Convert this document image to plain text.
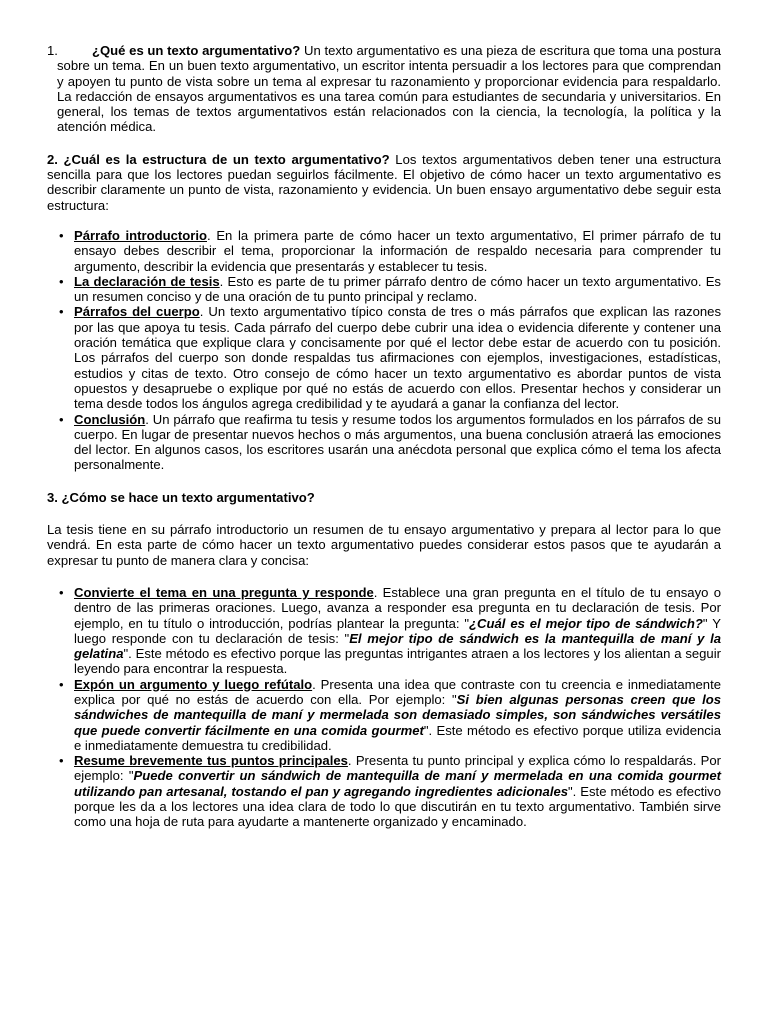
1.	¿Qué es un texto argumentativo? Un texto argumentativo es una pieza de escritura que toma una postura sobre un tema. En un buen texto argumentativo, un escritor intenta persuadir a los lectores para que comprendan y apoyen tu punto de vista sobre un tema al expresar tu razonamiento y proporcionar evidencia para respaldarlo. La redacción de ensayos argumentativos es una tarea común para estudiantes de secundaria y universitarios. En general, los temas de textos argumentativos están relacionados con la ciencia, la tecnología, la política y la atención médica.

2. ¿Cuál es la estructura de un texto argumentativo? Los textos argumentativos deben tener una estructura sencilla para que los lectores puedan seguirlos fácilmente. El objetivo de cómo hacer un texto argumentativo es describir claramente un punto de vista, razonamiento y evidencia. Un buen ensayo argumentativo debe seguir esta estructura:

• Párrafo introductorio. En la primera parte de cómo hacer un texto argumentativo, El primer párrafo de tu ensayo debes describir el tema, proporcionar la información de respaldo necesaria para comprender tu argumento, describir la evidencia que presentarás y establecer tu tesis.
• La declaración de tesis. Esto es parte de tu primer párrafo dentro de cómo hacer un texto argumentativo. Es un resumen conciso y de una oración de tu punto principal y reclamo.
• Párrafos del cuerpo. Un texto argumentativo típico consta de tres o más párrafos que explican las razones por las que apoya tu tesis. Cada párrafo del cuerpo debe cubrir una idea o evidencia diferente y contener una oración temática que explique clara y concisamente por qué el lector debe estar de acuerdo con tu posición. Los párrafos del cuerpo son donde respaldas tus afirmaciones con ejemplos, investigaciones, estadísticas, estudios y citas de texto. Otro consejo de cómo hacer un texto argumentativo es abordar puntos de vista opuestos y desapruebe o explique por qué no estás de acuerdo con ellos. Presentar hechos y considerar un tema desde todos los ángulos agrega credibilidad y te ayudará a ganar la confianza del lector.
• Conclusión. Un párrafo que reafirma tu tesis y resume todos los argumentos formulados en los párrafos de su cuerpo. En lugar de presentar nuevos hechos o más argumentos, una buena conclusión atraerá las emociones del lector. En algunos casos, los escritores usarán una anécdota personal que explica cómo el tema los afecta personalmente.

3. ¿Cómo se hace un texto argumentativo?

La tesis tiene en su párrafo introductorio un resumen de tu ensayo argumentativo y prepara al lector para lo que vendrá. En esta parte de cómo hacer un texto argumentativo puedes considerar estos pasos que te ayudarán a expresar tu punto de manera clara y concisa:

• Convierte el tema en una pregunta y responde. Establece una gran pregunta en el título de tu ensayo o dentro de las primeras oraciones. Luego, avanza a responder esa pregunta en tu declaración de tesis. Por ejemplo, en tu título o introducción, podrías plantear la pregunta: "¿Cuál es el mejor tipo de sándwich?" Y luego responde con tu declaración de tesis: "El mejor tipo de sándwich es la mantequilla de maní y la gelatina". Este método es efectivo porque las preguntas intrigantes atraen a los lectores y los alientan a seguir leyendo para encontrar la respuesta.
• Expón un argumento y luego refútalo. Presenta una idea que contraste con tu creencia e inmediatamente explica por qué no estás de acuerdo con ella. Por ejemplo: "Si bien algunas personas creen que los sándwiches de mantequilla de maní y mermelada son demasiado simples, son sándwiches versátiles que puede convertir fácilmente en una comida gourmet". Este método es efectivo porque utiliza evidencia e inmediatamente demuestra tu credibilidad.
• Resume brevemente tus puntos principales. Presenta tu punto principal y explica cómo lo respaldarás. Por ejemplo: "Puede convertir un sándwich de mantequilla de maní y mermelada en una comida gourmet utilizando pan artesanal, tostando el pan y agregando ingredientes adicionales". Este método es efectivo porque les da a los lectores una idea clara de todo lo que discutirán en tu texto argumentativo. También sirve como una hoja de ruta para ayudarte a mantenerte organizado y encaminado.
